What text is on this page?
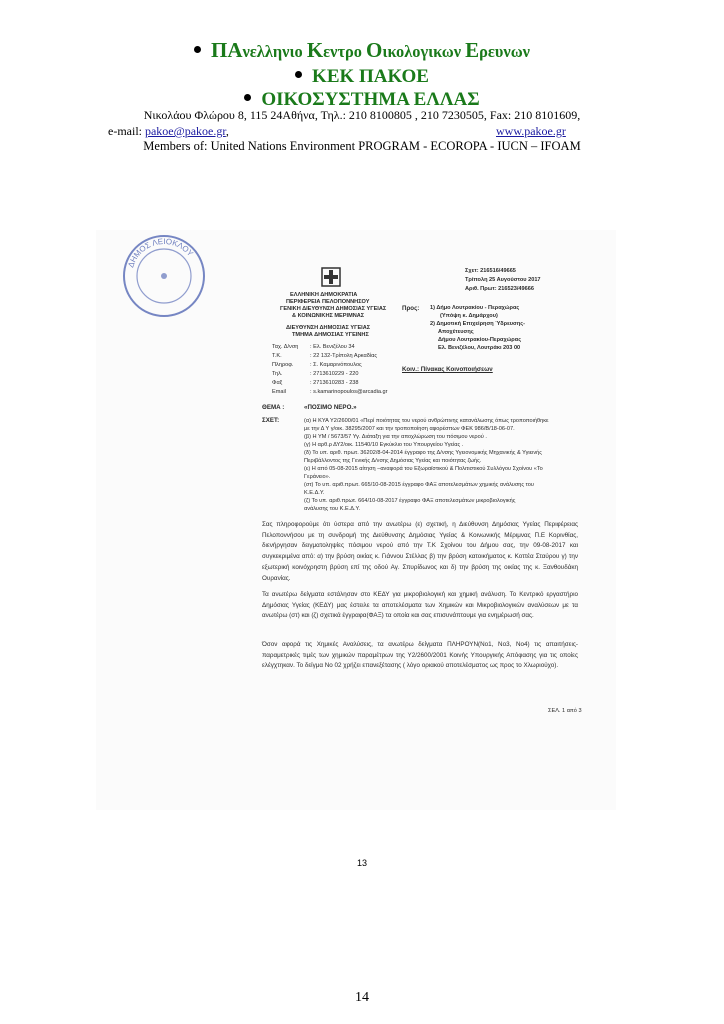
ΠΑνελληνιο Κεντρο Οικολογικων Ερευνων
ΚΕΚ ΠΑΚΟΕ
ΟΙΚΟΣΥΣΤΗΜΑ ΕΛΛΑΣ
Νικολάου Φλώρου 8, 115 24Αθήνα, Τηλ.: 210 8100805 , 210 7230505, Fax: 210 8101609,
e-mail: pakoe@pakoe.gr,	www.pakoe.gr
Members of: United Nations Environment PROGRAM - ECOROPA - IUCN – IFOAM
ΔΗΜΟΣ ΛΕΙΟΚΛΟΥ
Σχετ: 216516/49665
Τρίπολη 25 Αυγούστου 2017
Αριθ. Πρωτ: 216523/49666
ΕΛΛΗΝΙΚΗ ΔΗΜΟΚΡΑΤΙΑ
ΠΕΡΙΦΕΡΕΙΑ ΠΕΛΟΠΟΝΝΗΣΟΥ
ΓΕΝΙΚΗ ΔΙΕΥΘΥΝΣΗ ΔΗΜΟΣΙΑΣ ΥΓΕΙΑΣ
& ΚΟΙΝΩΝΙΚΗΣ ΜΕΡΙΜΝΑΣ
ΔΙΕΥΘΥΝΣΗ ΔΗΜΟΣΙΑΣ ΥΓΕΙΑΣ
ΤΜΗΜΑ ΔΗΜΟΣΙΑΣ ΥΓΕΙΝΗΣ
Προς: 1) Δήμο Λουτρακίου - Περαχώρας
(Υπόψη κ. Δημάρχου)
2) Δημοτική Επιχείρηση Ύδρευσης-
Αποχέτευσης
Δήμου Λουτρακίου-Περαχώρας
Ελ. Βενιζέλου, Λουτράκι 203 00
Ταχ. Δ/νση : Ελ. Βενιζέλου 34
Τ.Κ.	: 22 132-Τρίπολη Αρκαδίας
Πληροφ.	: Σ. Καμαρινόπουλος
Τηλ.	: 2713610229 - 220
Φαξ	: 2713610283 - 238
Email	: s.kamarinopoulos@arcadia.gr
Κοιν.: Πίνακας Κοινοποιήσεων
ΘΕΜΑ :	«ΠΟΣΙΜΟ ΝΕΡΟ.»
ΣΧΕΤ:	(α) Η ΚΥΑ Υ2/2600/01 «Περί ποιότητας του νερού ανθρώπινης κατανάλωσης όπως τροποποιήθηκε
με την Δ Υ γ/οικ. 38295/2007 και την τροποποίηση αφορέσπων ΦΕΚ 986/Β/18-06-07.
(β) Η ΥΜ / 5673/57 Υγ. Διάταξη για την αποχλώρωση του πόσιμου νερού .
(γ) Η αρθ.ρ ΔΥ2/οικ. 11540/10 Εγκύκλιο του Υπουργείου Υγείας .
(δ) Το υπ. αριθ. πρωτ. 36202/8-04-2014 έγγραφο της Δ/νσης Υγειονομικής Μηχανικής & Υγιεινής
Περιβάλλοντος της Γενικής Δ/νσης Δημόσιας Υγείας και ποιότητας ζωής.
(ε) Η από 05-08-2015 αίτηση –αναφορά του Εξωραϊστικού & Πολιτιστικού Συλλόγου Σχοίνου «Το
Γεράνειο».
(στ) Το υπ. αριθ.πρωτ. 665/10-08-2015 έγγραφο ΦΑΞ αποτελεσμάτων χημικής ανάλυσης του
Κ.Ε.Δ.Υ.
(ζ) Το υπ. αριθ.πρωτ. 664/10-08-2017 έγγραφο ΦΑΞ αποτελεσμάτων μικροβιολογικής
ανάλυσης του Κ.Ε.Δ.Υ.
Σας πληροφορούμε ότι ύστερα από την ανωτέρω (ε) σχετική, η Διεύθυνση Δημόσιας Υγείας Περιφέρειας Πελοποννήσου με τη συνδρομή της Διεύθυνσης Δημόσιας Υγείας & Κοινωνικής Μέριμνας Π.Ε Κορινθίας, διενήργησαν δειγματοληψίες πόσιμου νερού από την Τ.Κ Σχοίνου του Δήμου σας, την 09-08-2017 και συγκεκριμένα από: α) την βρύση οικίας κ. Γιάννου Στέλλας β) την βρύση κατοικήματος κ. Κοττέα Σταύρου γ) την εξωτερική κοινόχρηστη βρύση επί της οδού Αγ. Σπυρίδωνος και δ) την βρύση της οικίας της κ. Ξανθουδάκη Ουρανίας.
Τα ανωτέρω δείγματα εστάλησαν στο ΚΕΔΥ για μικροβιολογική και χημική ανάλυση. Το Κεντρικό εργαστήριο Δημόσιας Υγείας (ΚΕΔΥ) μας έστειλε τα αποτελέσματα των Χημικών και Μικροβιολογικών αναλύσεων με τα ανωτέρω (στ) και (ζ) σχετικά έγγραφα(ΦΑΞ) τα οποία και σας επισυνάπτουμε για ενημέρωσή σας.
Όσον αφορά τις Χημικές Αναλύσεις, τα ανωτέρω δείγματα ΠΛΗΡΟΥΝ(Νο1, Νο3, Νο4) τις απαιτήσεις-παραμετρικές τιμές των χημικών παραμέτρων της Υ2/2600/2001 Κοινής Υπουργικής Απόφασης για τις οποίες ελέγχτηκαν. Το δείγμα Νο 02 χρήζει επανεξέτασης ( λόγο οριακού αποτελέσματος ως προς το Χλωριούχο).
ΣΕΛ. 1 από 3
13
14
